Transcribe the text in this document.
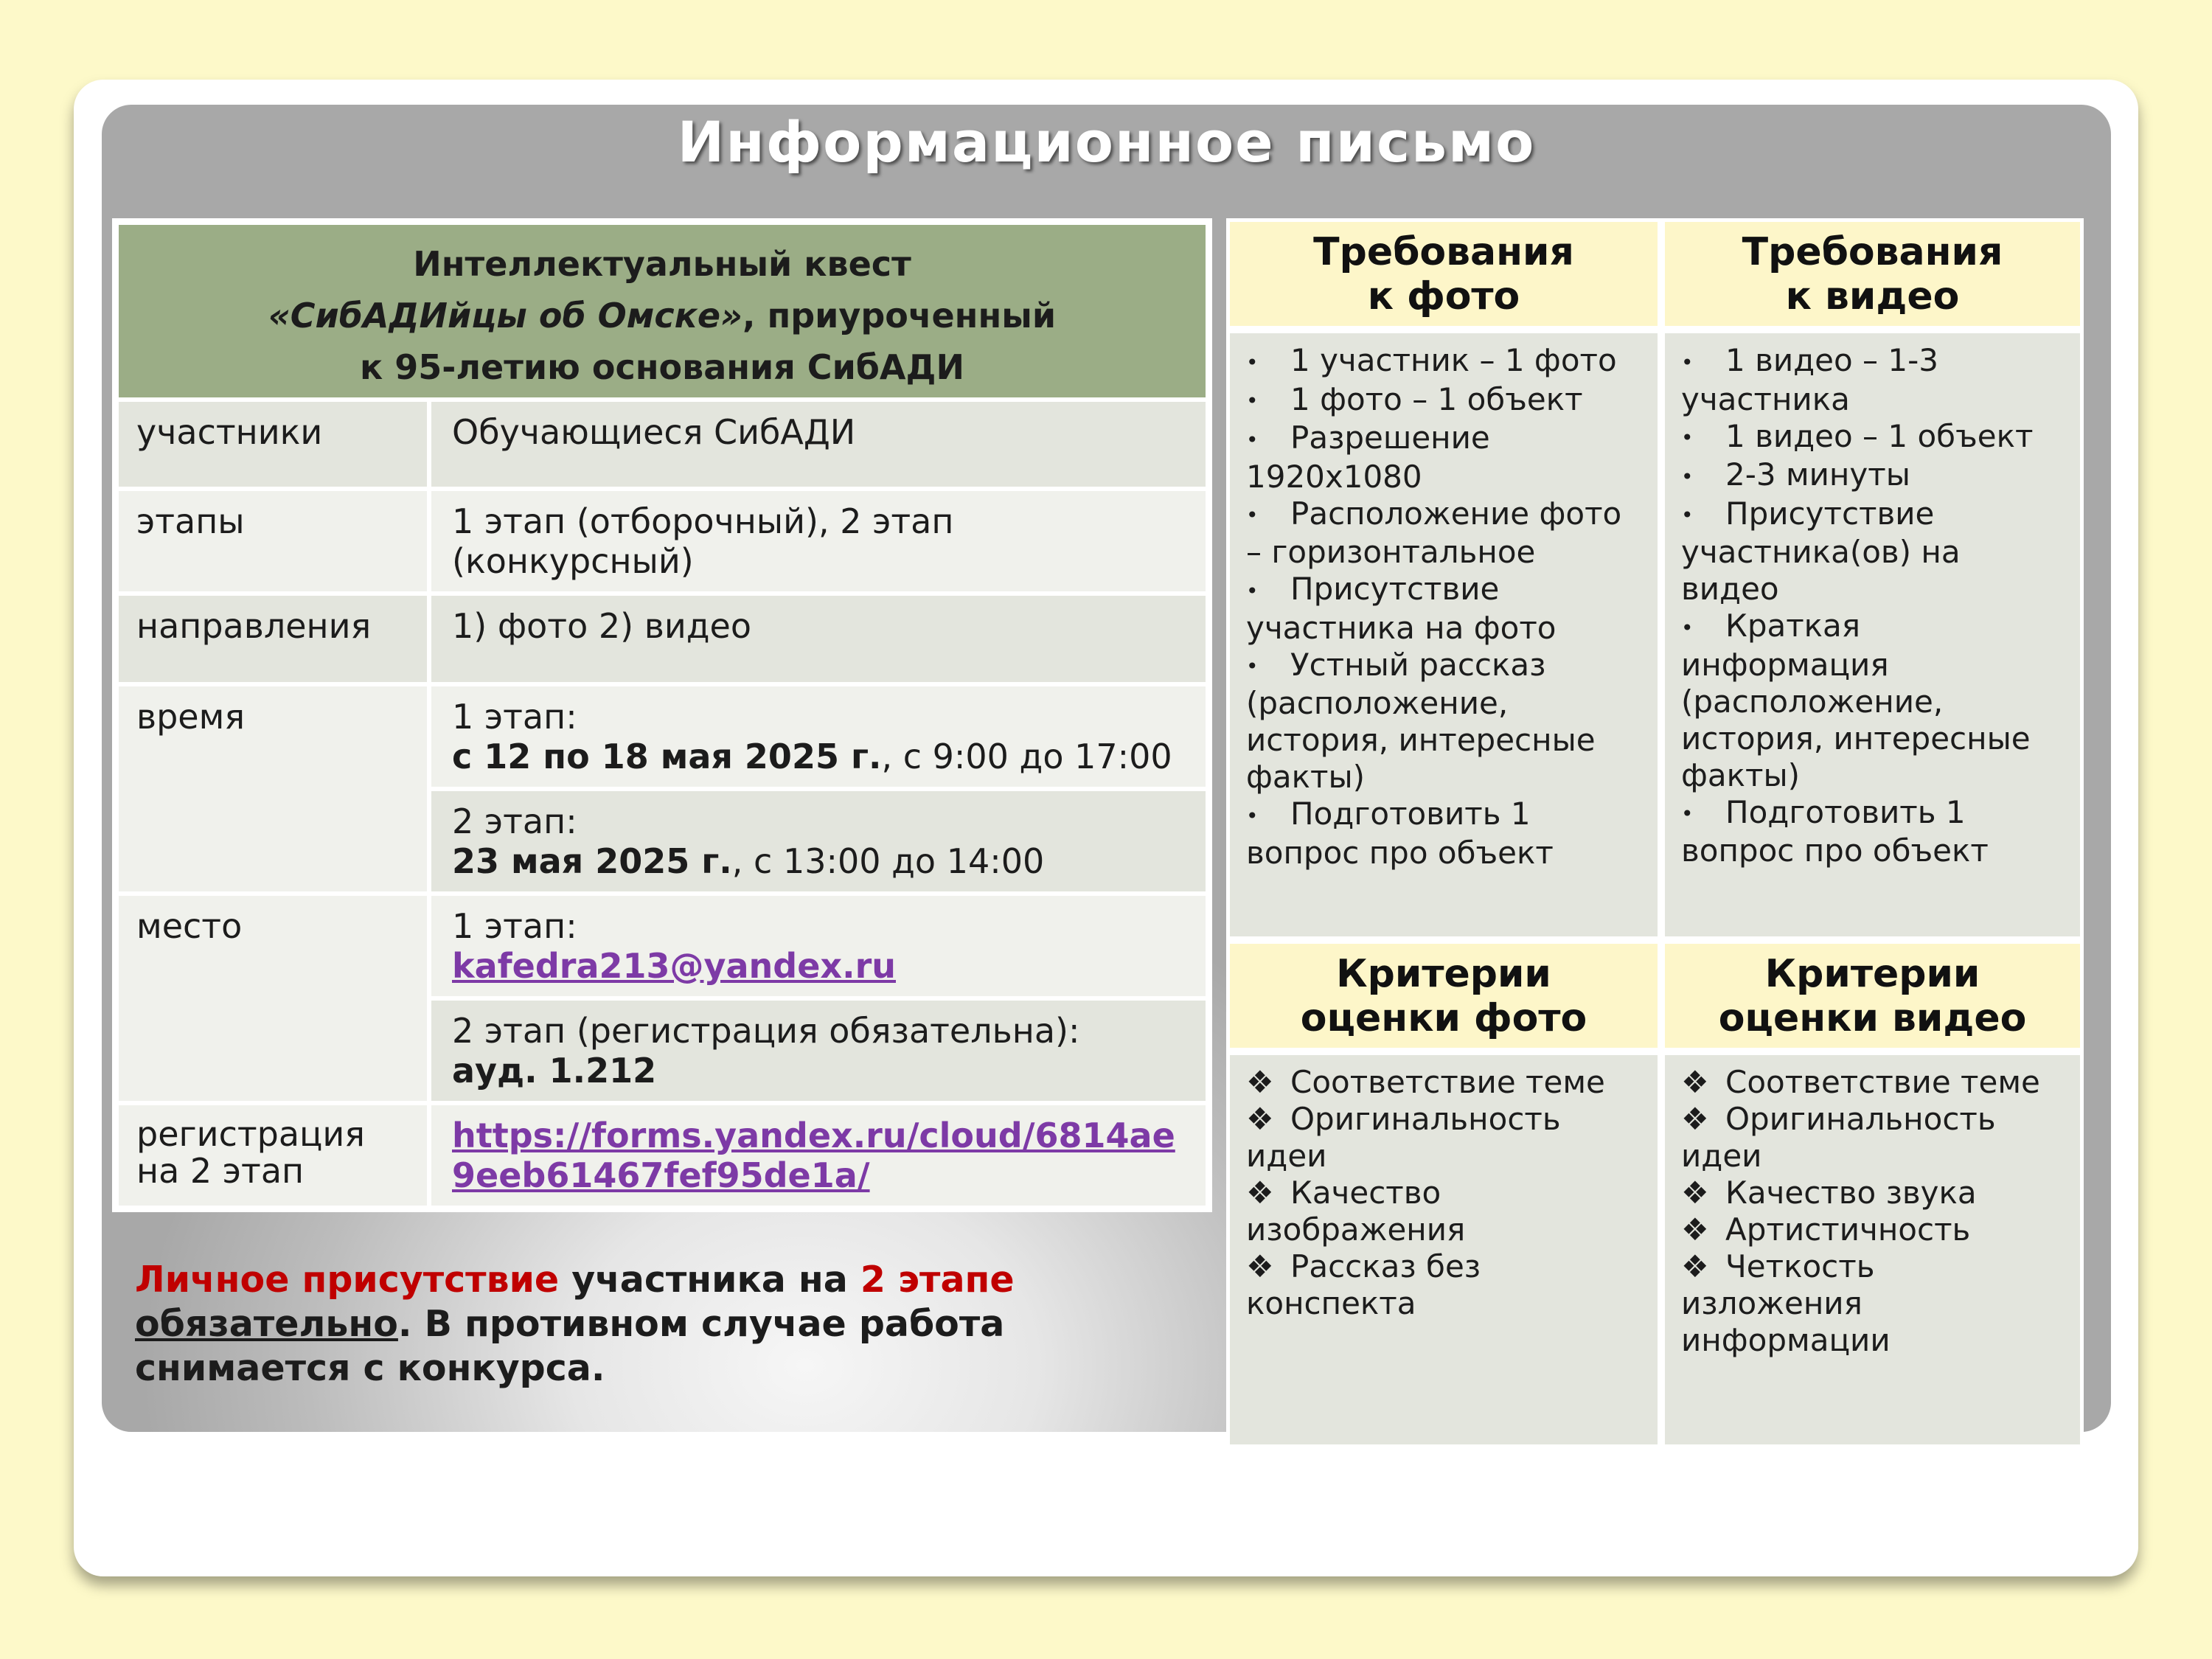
Информационное письмо
Интеллектуальный квест
«СибАДИйцы об Омске», приуроченный
к 95-летию основания СибАДИ	
участники	Обучающиеся СибАДИ
этапы	1 этап (отборочный), 2 этап (конкурсный)
направления	1) фото 2) видео
время	1 этап:
с 12 по 18 мая 2025 г., с 9:00 до 17:00
	2 этап:
23 мая 2025 г., с 13:00 до 14:00
место	1 этап:
kafedra213@yandex.ru
	2 этап (регистрация обязательна):
ауд. 1.212
регистрация
на 2 этап	https://forms.yandex.ru/cloud/6814ae
9eeb61467fef95de1a/
Личное присутствие участника на 2 этапе
обязательно. В противном случае работа
снимается с конкурса.
Требования к фото
Требования к видео
• 1 участник – 1 фото
• 1 фото – 1 объект
• Разрешение 1920x1080
• Расположение фото – горизонтальное
• Присутствие участника на фото
• Устный рассказ (расположение, история, интересные факты)
• Подготовить 1 вопрос про объект
• 1 видео – 1-3 участника
• 1 видео – 1 объект
• 2-3 минуты
• Присутствие участника(ов) на видео
• Краткая информация (расположение, история, интересные факты)
• Подготовить 1 вопрос про объект
Критерии оценки фото
Критерии оценки видео
❖ Соответствие теме
❖ Оригинальность идеи
❖ Качество изображения
❖ Рассказ без конспекта
❖ Соответствие теме
❖ Оригинальность идеи
❖ Качество звука
❖ Артистичность
❖ Четкость изложения информации
